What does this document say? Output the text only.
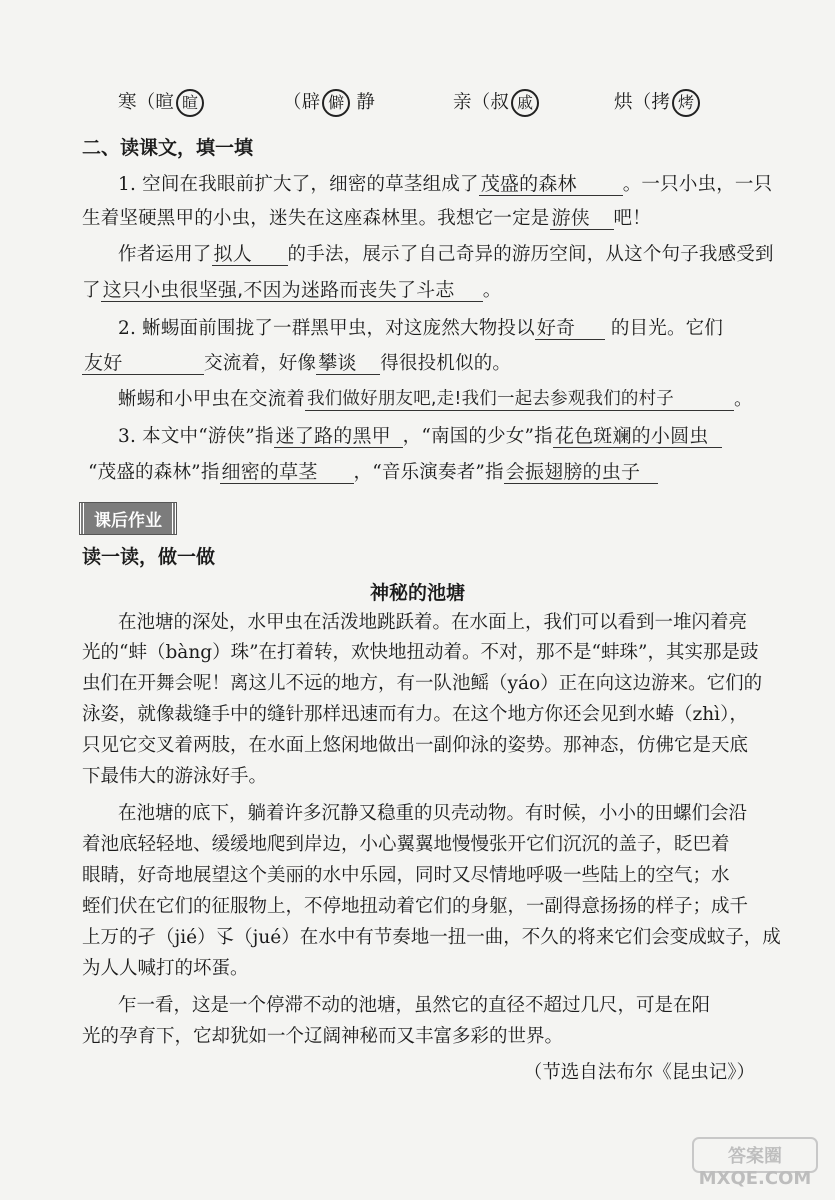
寒（暄 暄	（辟 僻 静	亲（叔 戚	烘（拷 烤
二、读课文，填一填
1. 空间在我眼前扩大了，细密的草茎组成了 茂盛的森林 。一只小虫，一只
生着坚硬黑甲的小虫，迷失在这座森林里。我想它一定是 游侠 吧！
作者运用了 拟人 的手法，展示了自己奇异的游历空间，从这个句子我感受到
了 这只小虫很坚强,不因为迷路而丧失了斗志 。
2. 蜥蜴面前围拢了一群黑甲虫，对这庞然大物投以 好奇 的目光。它们
友好	交流着，好像 攀谈 得很投机似的。
蜥蜴和小甲虫在交流着 我们做好朋友吧,走!我们一起去参观我们的村子	。
3. 本文中“游侠”指 迷了路的黑甲 ，“南国的少女”指 花色斑斓的小圆虫
“茂盛的森林”指 细密的草茎 ，“音乐演奏者”指 会振翅膀的虫子
课后作业
读一读，做一做
神秘的池塘
在池塘的深处，水甲虫在活泼地跳跃着。在水面上，我们可以看到一堆闪着亮
光的“蚌（bàng）珠”在打着转，欢快地扭动着。不对，那不是“蚌珠”，其实那是豉
虫们在开舞会呢！离这儿不远的地方，有一队池鳐（yáo）正在向这边游来。它们的
泳姿，就像裁缝手中的缝针那样迅速而有力。在这个地方你还会见到水蝽（zhì），
只见它交叉着两肢，在水面上悠闲地做出一副仰泳的姿势。那神态，仿佛它是天底
下最伟大的游泳好手。
在池塘的底下，躺着许多沉静又稳重的贝壳动物。有时候，小小的田螺们会沿
着池底轻轻地、缓缓地爬到岸边，小心翼翼地慢慢张开它们沉沉的盖子，眨巴着
眼睛，好奇地展望这个美丽的水中乐园，同时又尽情地呼吸一些陆上的空气；水
蛭们伏在它们的征服物上，不停地扭动着它们的身躯，一副得意扬扬的样子；成千
上万的孑（jié）孓（jué）在水中有节奏地一扭一曲，不久的将来它们会变成蚊子，成
为人人喊打的坏蛋。
乍一看，这是一个停滞不动的池塘，虽然它的直径不超过几尺，可是在阳
光的孕育下，它却犹如一个辽阔神秘而又丰富多彩的世界。
（节选自法布尔《昆虫记》）
答案圈 MXQE.COM
